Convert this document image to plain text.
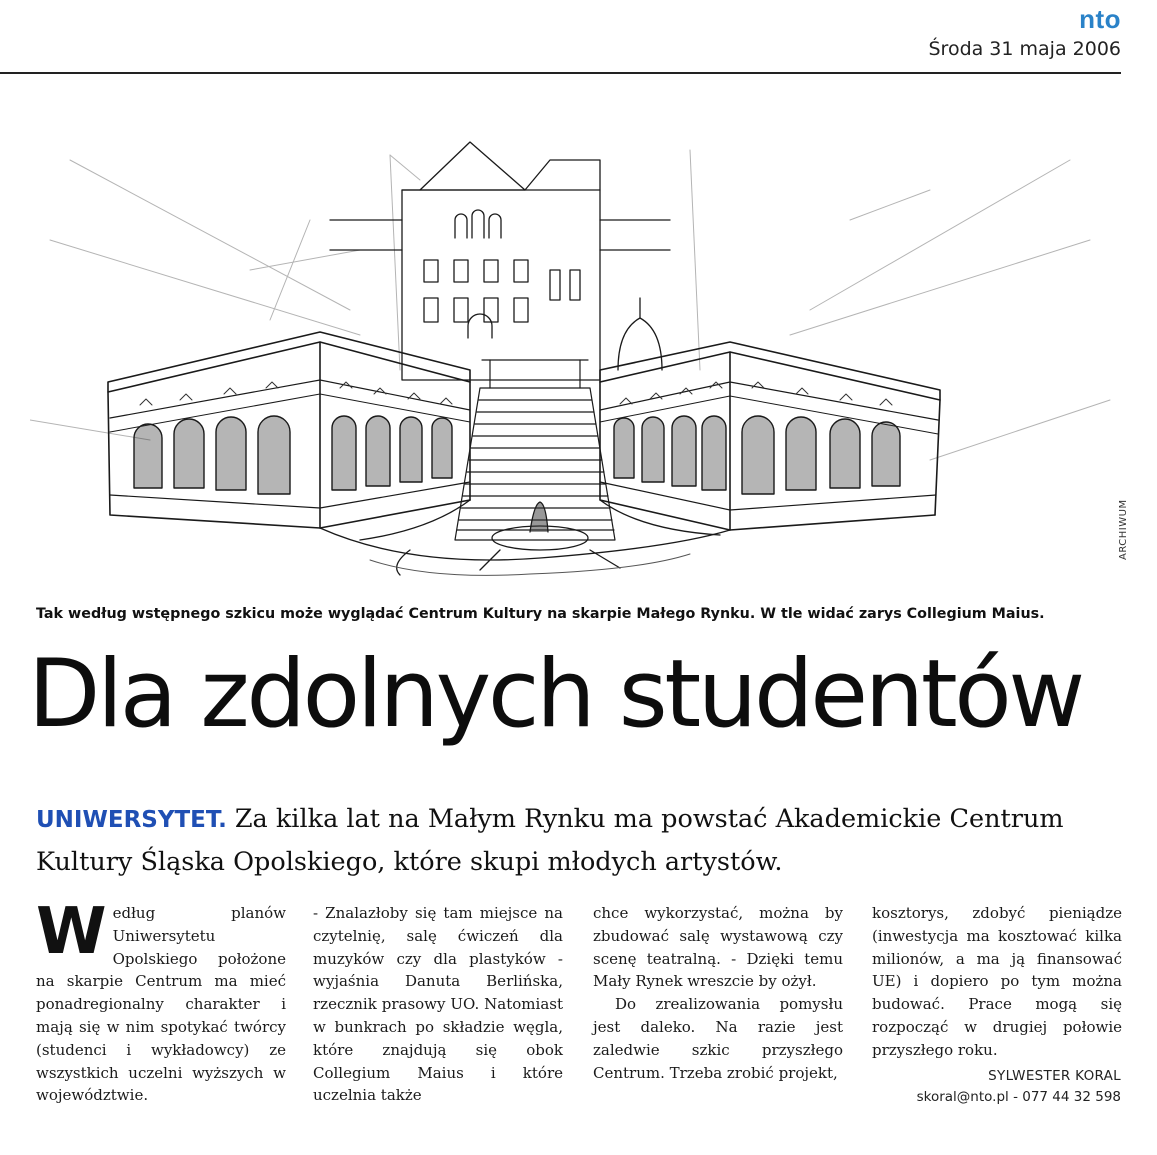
nto
Środa 31 maja 2006
ARCHIWUM
Tak według wstępnego szkicu może wyglądać Centrum Kultury na skarpie Małego Rynku. W tle widać zarys Collegium Maius.
Dla zdolnych studentów
UNIWERSYTET. Za kilka lat na Małym Rynku ma powstać Akademickie Centrum Kultury Śląska Opolskiego, które skupi młodych artystów.
W edług planów Uniwersytetu Opolskiego położone na skarpie Centrum ma mieć ponadregionalny charakter i mają się w nim spotykać twórcy (studenci i wykładowcy) ze wszystkich uczelni wyższych w województwie.

- Znalazłoby się tam miejsce na czytelnię, salę ćwiczeń dla muzyków czy dla plastyków - wyjaśnia Danuta Berlińska, rzecznik prasowy UO. Natomiast w bunkrach po składzie węgla, które znajdują się obok Collegium Maius i które uczelnia także

chce wykorzystać, można by zbudować salę wystawową czy scenę teatralną. - Dzięki temu Mały Rynek wreszcie by ożył.

Do zrealizowania pomysłu jest daleko. Na razie jest zaledwie szkic przyszłego Centrum. Trzeba zrobić projekt,

kosztorys, zdobyć pieniądze (inwestycja ma kosztować kilka milionów, a ma ją finansować UE) i dopiero po tym można budować. Prace mogą się rozpocząć w drugiej połowie przyszłego roku.

SYLWESTER KORAL
skoral@nto.pl - 077 44 32 598
